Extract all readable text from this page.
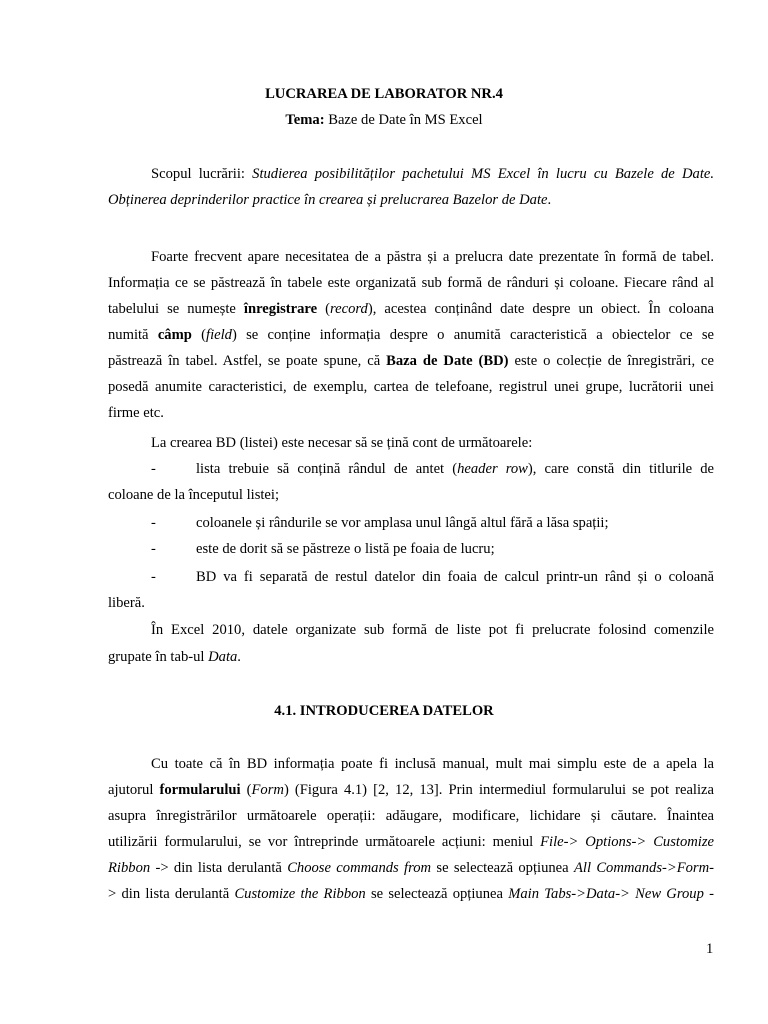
LUCRAREA DE LABORATOR NR.4
Tema: Baze de Date în MS Excel
Scopul lucrării: Studierea posibilităților pachetului MS Excel în lucru cu Bazele de Date.
Obținerea deprinderilor practice în crearea și prelucrarea Bazelor de Date.
Foarte frecvent apare necesitatea de a păstra și a prelucra date prezentate în formă de tabel.
Informația ce se păstrează în tabele este organizată sub formă de rânduri și coloane. Fiecare rând al
tabelului se numește înregistrare (record), acestea conținând date despre un obiect. În coloana
numită câmp (field) se conține informația despre o anumită caracteristică a obiectelor ce se
păstrează în tabel. Astfel, se poate spune, că Baza de Date (BD) este o colecție de înregistrări, ce
posedă anumite caracteristici, de exemplu, cartea de telefoane, registrul unei grupe, lucrătorii unei
firme etc.
La crearea BD (listei) este necesar să se țină cont de următoarele:
-	lista trebuie să conțină rândul de antet (header row), care constă din titlurile de
coloane de la începutul listei;
-	coloanele și rândurile se vor amplasa unul lângă altul fără a lăsa spații;
-	este de dorit să se păstreze o listă pe foaia de lucru;
-	BD va fi separată de restul datelor din foaia de calcul printr-un rând și o coloană
liberă.
În Excel 2010, datele organizate sub formă de liste pot fi prelucrate folosind comenzile
grupate în tab-ul Data.
4.1. INTRODUCEREA DATELOR
Cu toate că în BD informația poate fi inclusă manual, mult mai simplu este de a apela la
ajutorul formularului (Form) (Figura 4.1) [2, 12, 13]. Prin intermediul formularului se pot realiza
asupra înregistrărilor următoarele operații: adăugare, modificare, lichidare și căutare. Înaintea
utilizării formularului, se vor întreprinde următoarele acțiuni: meniul File-> Options-> Customize
Ribbon -> din lista derulantă Choose commands from se selectează opțiunea All Commands->Form-
> din lista derulantă Customize the Ribbon se selectează opțiunea Main Tabs->Data-> New Group -
1
